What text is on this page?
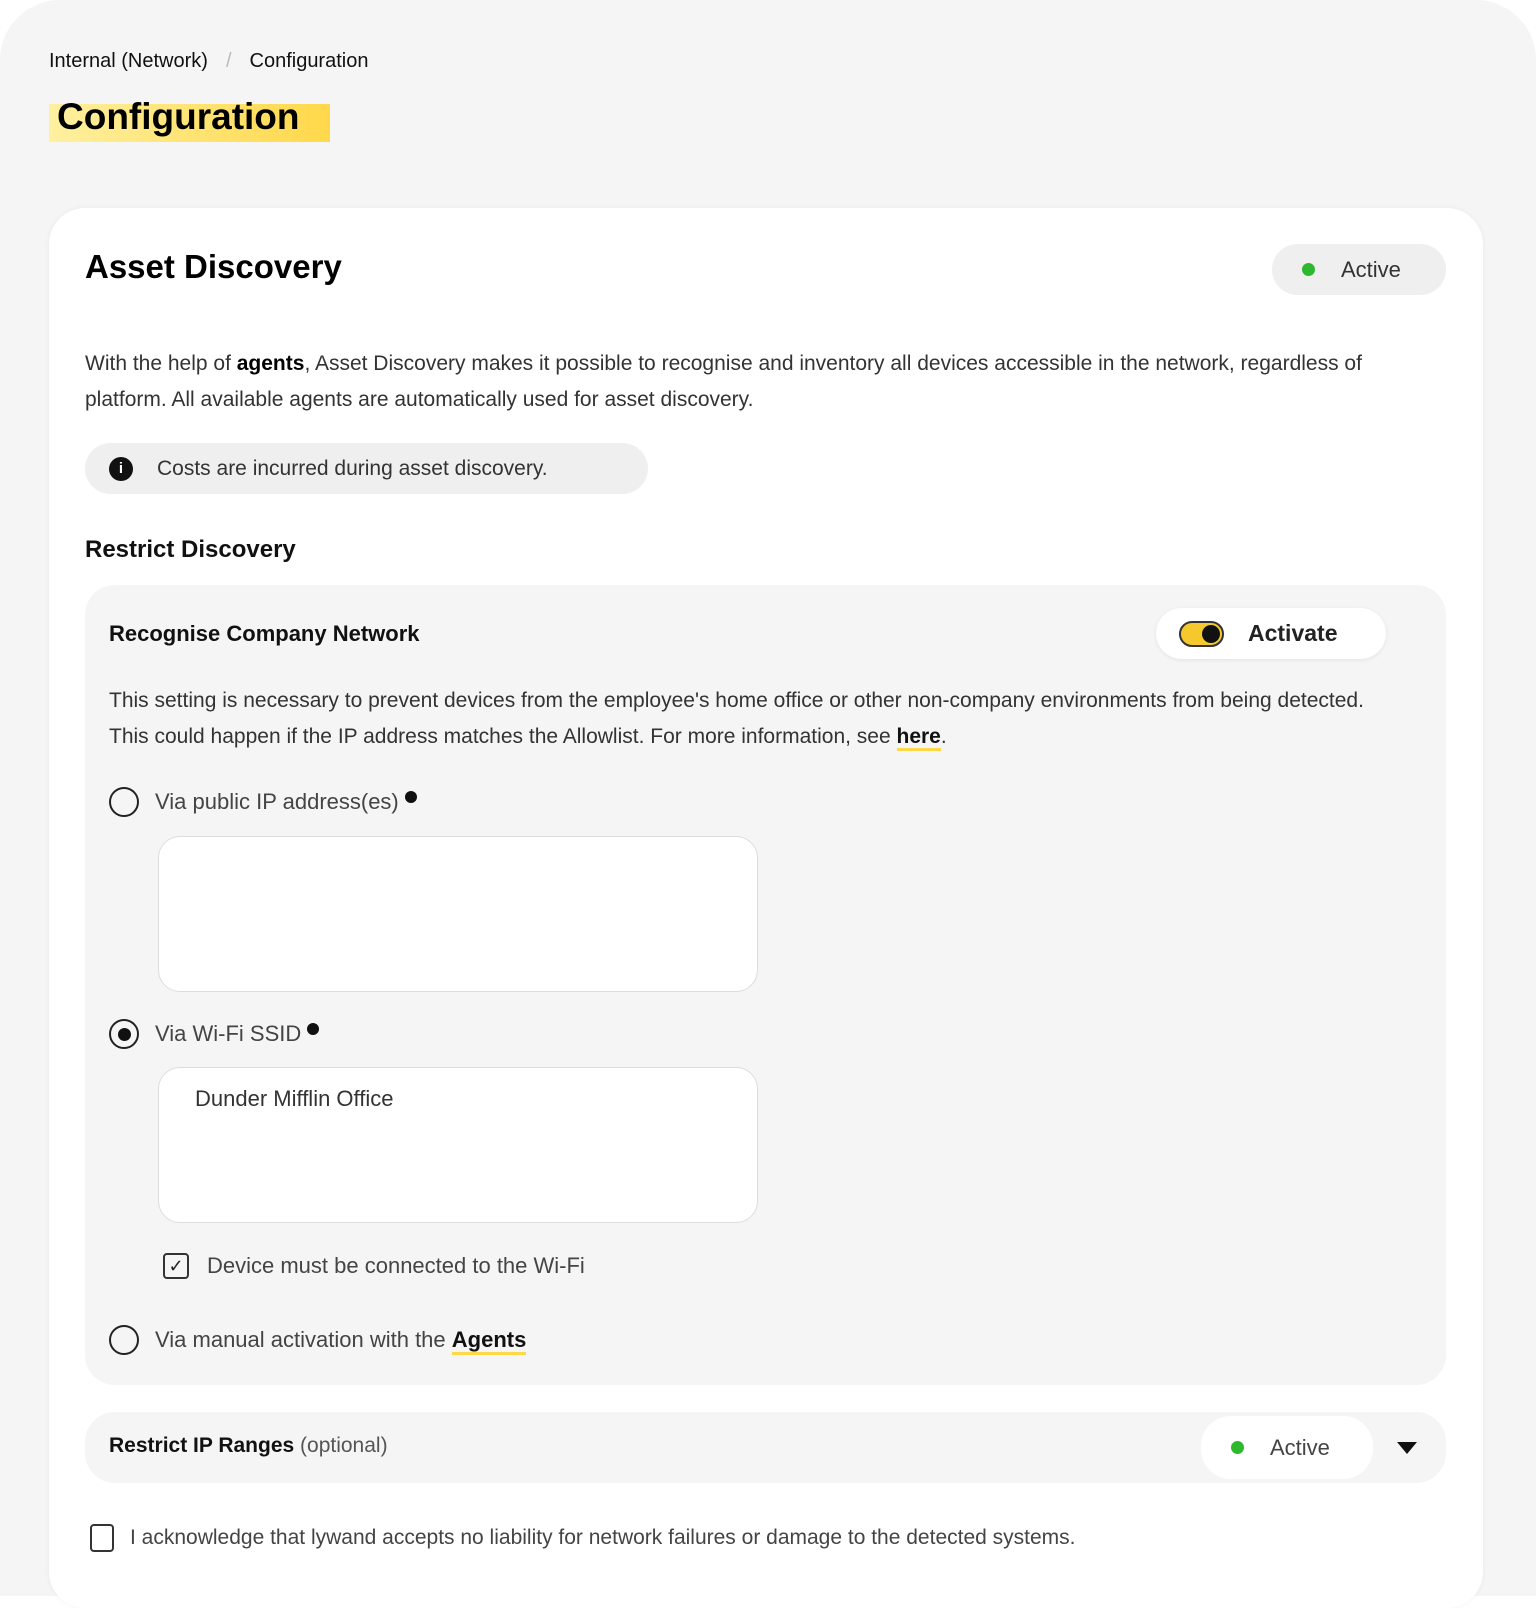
Internal (Network) / Configuration
Configuration
Asset Discovery	Active
With the help of agents, Asset Discovery makes it possible to recognise and inventory all devices accessible in the network, regardless of platform. All available agents are automatically used for asset discovery.
i	Costs are incurred during asset discovery.
Restrict Discovery
Recognise Company Network	Activate
This setting is necessary to prevent devices from the employee's home office or other non-company environments from being detected. This could happen if the IP address matches the Allowlist. For more information, see here.
Via public IP address(es)
Via Wi-Fi SSID
Dunder Mifflin Office
✓ Device must be connected to the Wi-Fi
Via manual activation with the Agents
Restrict IP Ranges (optional)	Active
I acknowledge that lywand accepts no liability for network failures or damage to the detected systems.
